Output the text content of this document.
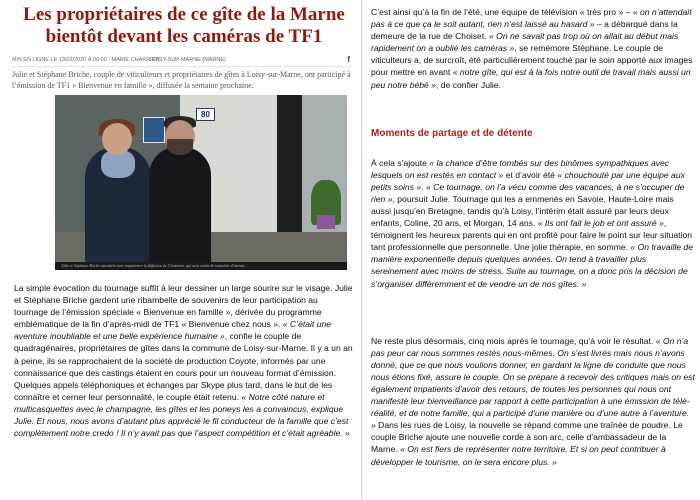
Les propriétaires de ce gîte de la Marne bientôt devant les caméras de TF1
MIS EN LIGNE LE 13/02/2020 À 06:00 · MARIE CHARRIER
LOISY-SUR-MARNE (MARNE)	f
Julie et Stéphane Briche, couple de viticulteurs et propriétaires de gîtes à Loisy-sur-Marne, ont participé à l’émission de TF1 « Bienvenue en famille », diffusée la semaine prochaine.
80
Julie et Stéphane Briche attendent avec impatience la diffusion de l’émission, qui sera suivie de semaines d’attente.

La simple évocation du tournage suffit à leur dessiner un large sourire sur le visage. Julie et Stéphane Briche gardent une ribambelle de souvenirs de leur participation au tournage de l’émission spéciale « Bienvenue en famille », dérivée du programme emblématique de la fin d’après-midi de TF1 « Bienvenue chez nous ». « C’était une aventure inoubliable et une belle expérience humaine », confie le couple de quadragénaires, propriétaires de gîtes dans la commune de Loisy-sur-Marne. Il y a un an à peine, ils se rapprochaient de la société de production Coyote, informés par une connaissance que des castings étaient en cours pour un nouveau format d’émission.

Quelques appels téléphoniques et échanges par Skype plus tard, dans le but de les connaître et cerner leur personnalité, le couple était retenu. « Notre côté nature et multicasquettes avec le champagne, les gîtes et les poneys les a convaincus, explique Julie. Et nous, nous avons d’autant plus apprécié le fil conducteur de la famille que c’est complètement notre credo ! Il n’y avait pas que l’aspect compétition et c’était agréable. »

C’est ainsi qu’à la fin de l’été, une équipe de télévision « très pro » – « on n’attendait pas à ce que ça le soit autant, rien n’est laissé au hasard » – a débarqué dans la demeure de la rue de Choiset. « On ne savait pas trop où on allait au début mais rapidement on a oublié les caméras », se remémore Stéphane. Le couple de viticulteurs a, de surcroît, été particulièrement touché par le soin apporté aux images pour mettre en avant « notre gîte, qui est à la fois notre outil de travail mais aussi un peu notre bébé », de confier Julie.

Moments de partage et de détente

À cela s’ajoute « la chance d’être tombés sur des binômes sympathiques avec lesquels on est restés en contact » et d’avoir été « chouchouté par une équipe aux petits soins ». « Ce tournage, on l’a vécu comme des vacances, à ne s’occuper de rien », poursuit Julie. Tournage qui les a emmenés en Savoie, Haute-Loire mais aussi jusqu’en Bretagne, tandis qu’à Loisy, l’intérim était assuré par leurs deux enfants, Coline, 20 ans, et Morgan, 14 ans. « Ils ont fait le job et ont assuré », témoignent les heureux parents qui en ont profité pour faire le point sur leur situation tant professionnelle que personnelle. Une jolie thérapie, en somme. « On travaille de manière exponentielle depuis quelques années. On tend à travailler plus sereinement avec moins de stress. Suite au tournage, on a donc pris la décision de s’organiser différemment et de vendre un de nos gîtes. »

Ne reste plus désormais, cinq mois après le tournage, qu’à voir le résultat. « On n’a pas peur car nous sommes restés nous-mêmes. On s’est livrés mais nous n’avons donné, que ce que nous voulions donner, en gardant la ligne de conduite que nous nous étions fixé, assure le couple. On se prépare à recevoir des critiques mais on est également impatients d’avoir des retours, de toutes les personnes qui nous ont manifesté leur bienveillance par rapport à cette participation à une émission de télé-réalité, et de notre famille, qui a participé d’une manière ou d’une autre à l’aventure. » Dans les rues de Loisy, la nouvelle se répand comme une traînée de poudre. Le couple Briche ajoute une nouvelle corde à son arc, celle d’ambassadeur de la Marne. « On est fiers de représenter notre territoire. Et si on peut contribuer à développer le tourisme, on le sera encore plus. »
